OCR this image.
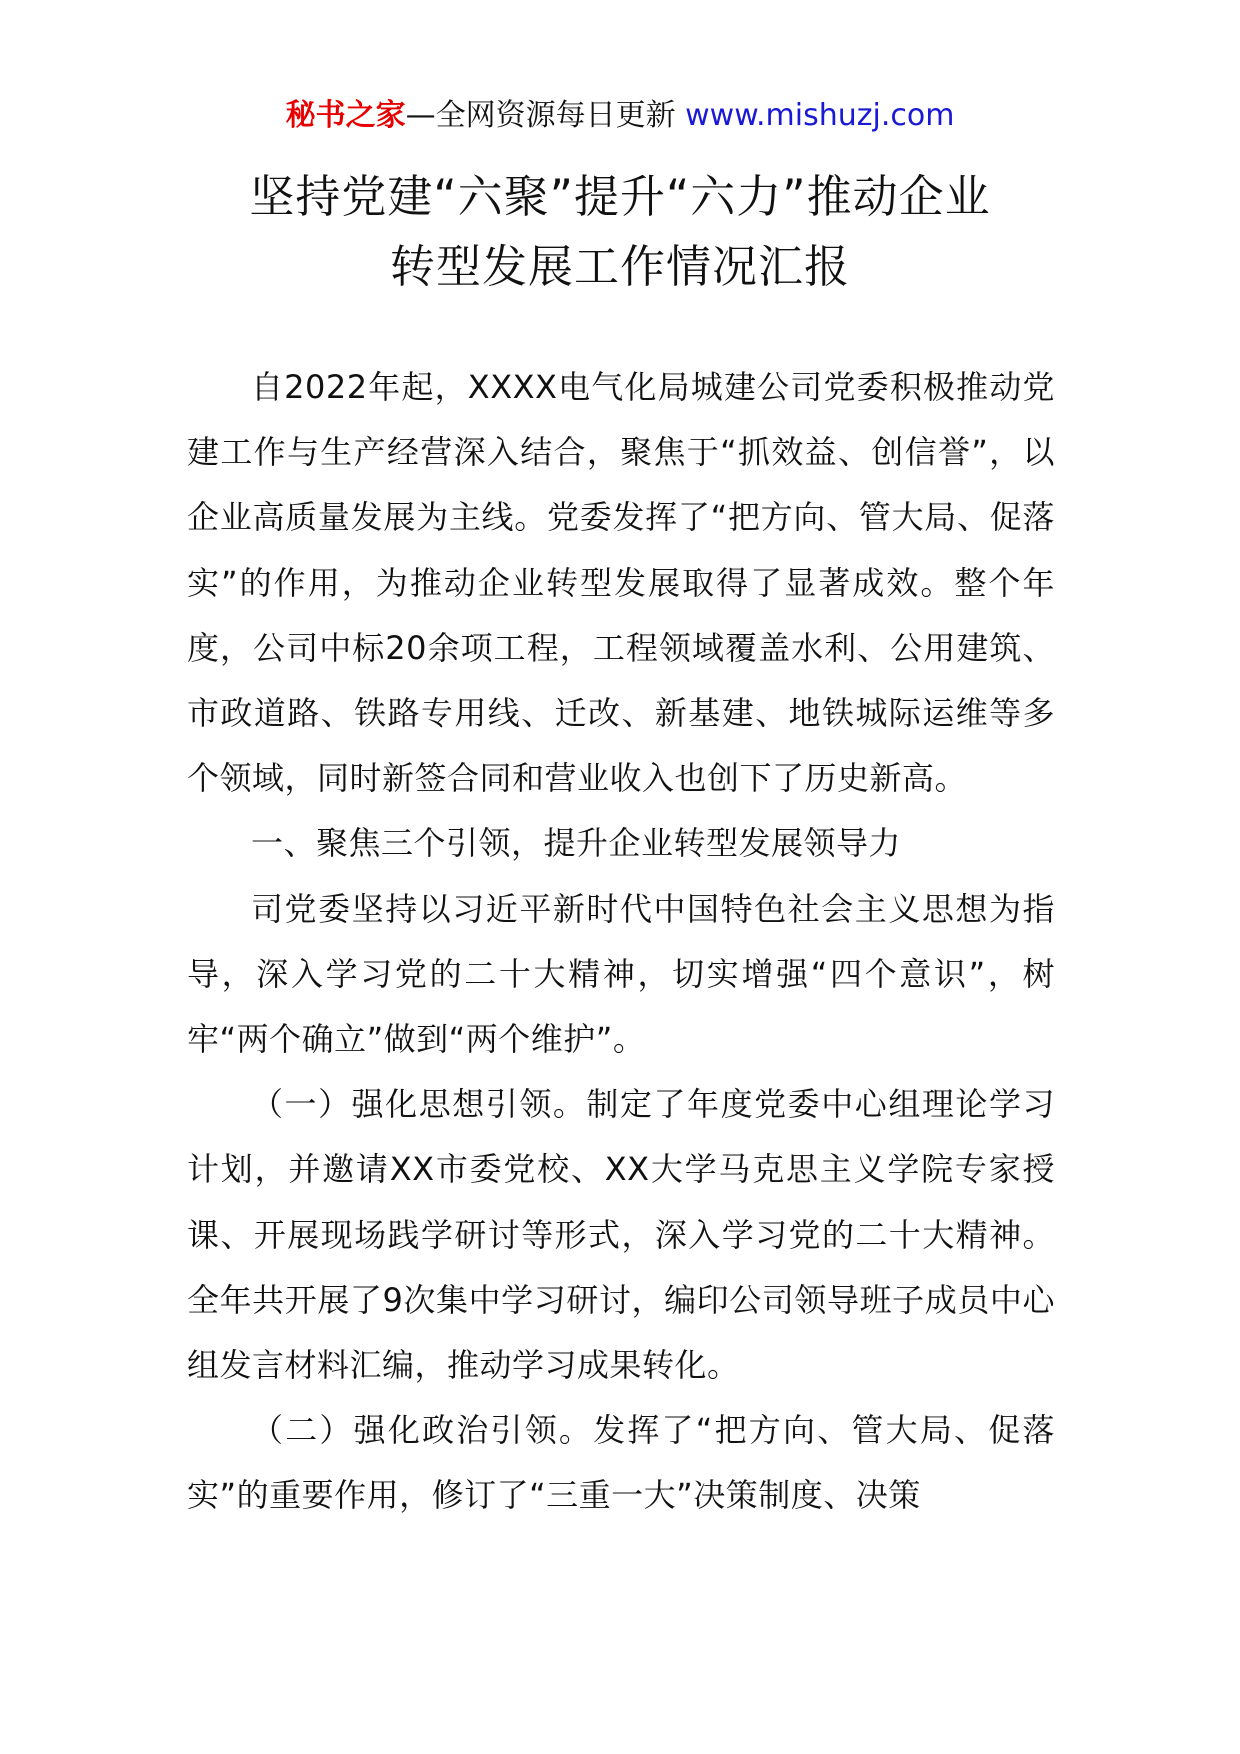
秘书之家—全网资源每日更新 www.mishuzj.com
坚持党建“六聚”提升“六力”推动企业
转型发展工作情况汇报

自2022年起，XXXX电气化局城建公司党委积极推动党建工作与生产经营深入结合，聚焦于“抓效益、创信誉”，以企业高质量发展为主线。党委发挥了“把方向、管大局、促落实”的作用，为推动企业转型发展取得了显著成效。整个年度，公司中标20余项工程，工程领域覆盖水利、公用建筑、市政道路、铁路专用线、迁改、新基建、地铁城际运维等多个领域，同时新签合同和营业收入也创下了历史新高。

一、聚焦三个引领，提升企业转型发展领导力

司党委坚持以习近平新时代中国特色社会主义思想为指导，深入学习党的二十大精神，切实增强“四个意识”，树牢“两个确立”做到“两个维护”。

（一）强化思想引领。制定了年度党委中心组理论学习计划，并邀请XX市委党校、XX大学马克思主义学院专家授课、开展现场践学研讨等形式，深入学习党的二十大精神。全年共开展了9次集中学习研讨，编印公司领导班子成员中心组发言材料汇编，推动学习成果转化。

（二）强化政治引领。发挥了“把方向、管大局、促落实”的重要作用，修订了“三重一大”决策制度、决策
